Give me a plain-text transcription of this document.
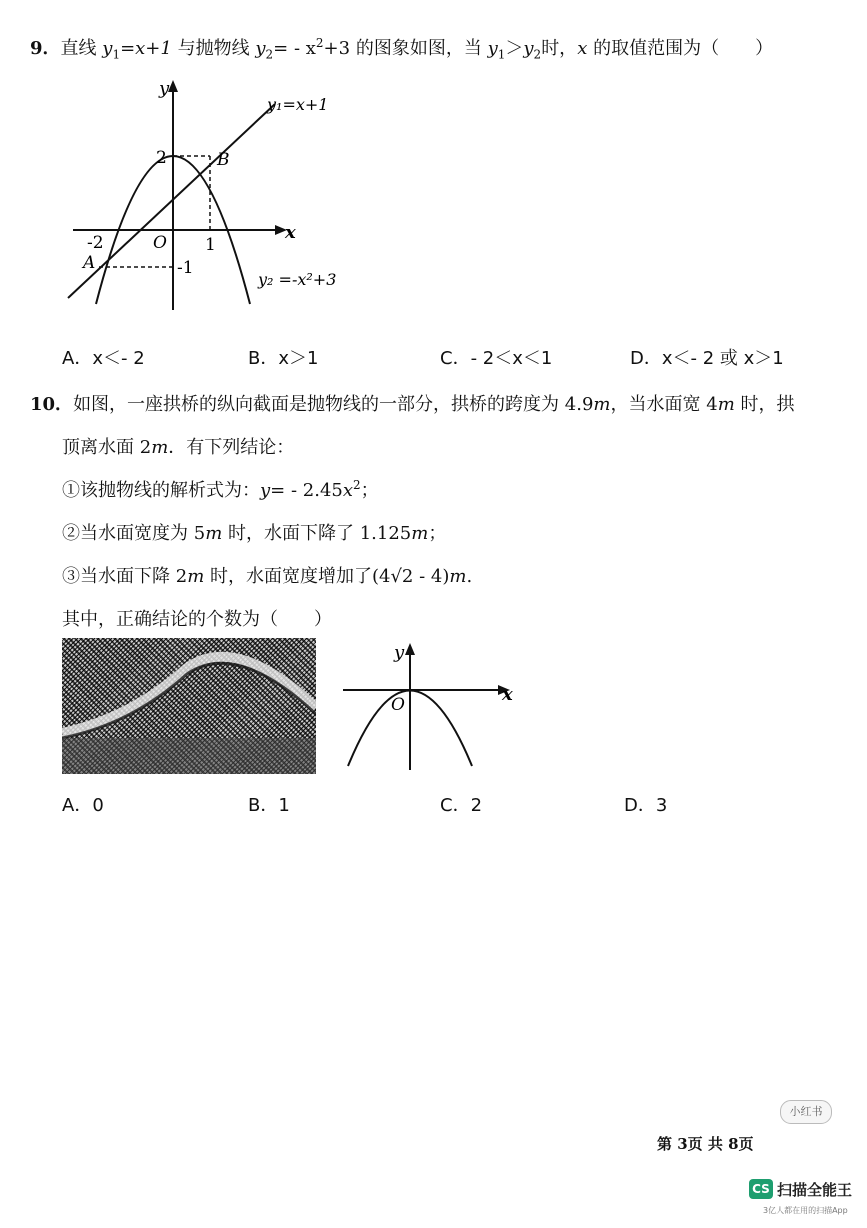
9．直线 $y_1=x+1$ 与抛物线 $y_2= - x^2+3$ 的图象如图，当 $y_1>y_2$时，x 的取值范围为（　　）
y
x
y₁=x+1
y₂ =-x²+3
2	B
1
-2	O
A	-1
A．x＜- 2	B．x＞1	C．- 2＜x＜1	D．x＜- 2 或 x＞1
10．如图，一座拱桥的纵向截面是抛物线的一部分，拱桥的跨度为 4.9m，当水面宽 4m 时，拱
顶离水面 2m．有下列结论：
①该抛物线的解析式为：$y= - 2.45x^2$；
②当水面宽度为 5m 时，水面下降了 1.125m；
③当水面下降 2m 时，水面宽度增加了(4√2 - 4)m.
其中，正确结论的个数为（　　）
y
x
O
A．0	B．1	C．2	D．3
小红书
第 3页 共 8页
CS 扫描全能王
3亿人都在用的扫描App
